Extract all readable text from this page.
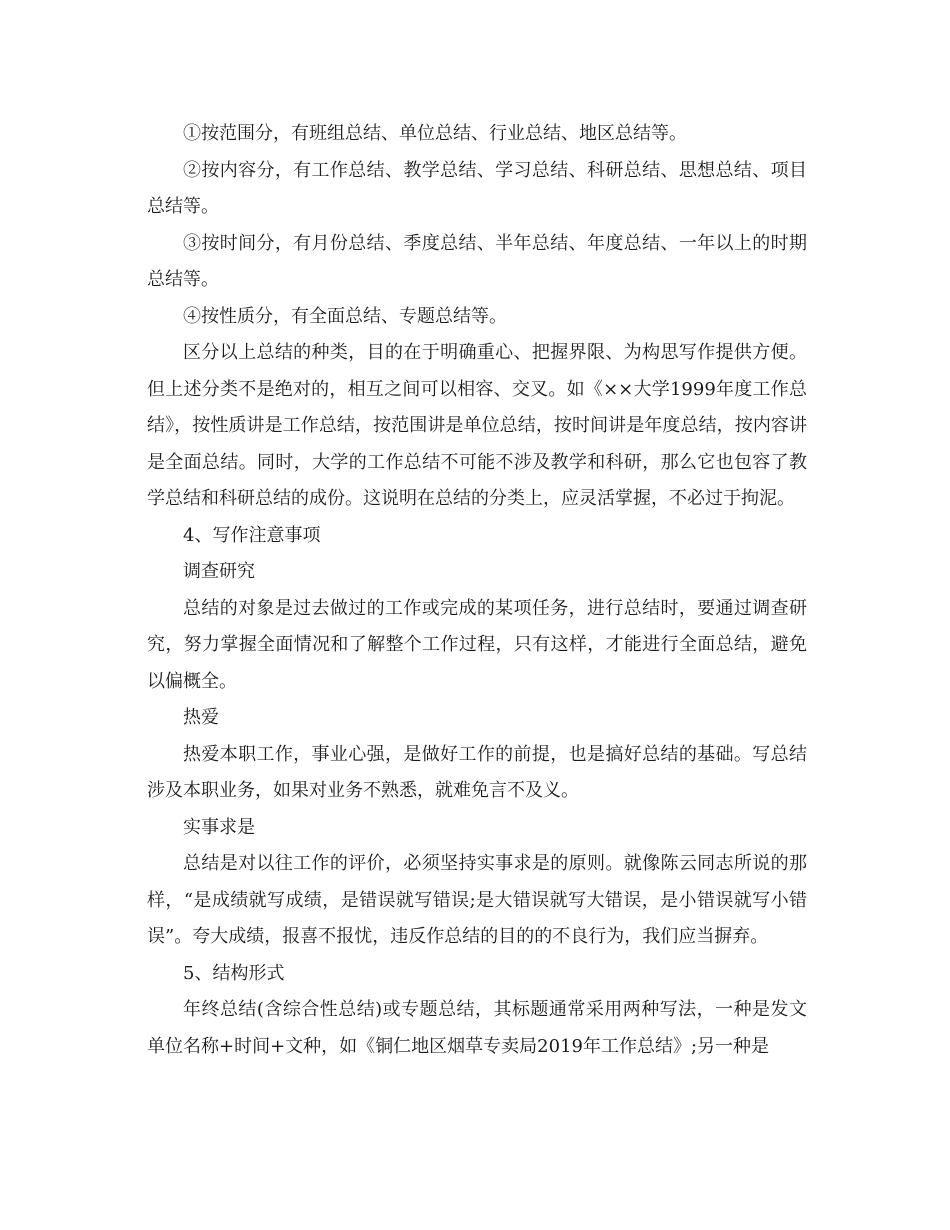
①按范围分，有班组总结、单位总结、行业总结、地区总结等。

②按内容分，有工作总结、教学总结、学习总结、科研总结、思想总结、项目总结等。

③按时间分，有月份总结、季度总结、半年总结、年度总结、一年以上的时期总结等。

④按性质分，有全面总结、专题总结等。

区分以上总结的种类，目的在于明确重心、把握界限、为构思写作提供方便。但上述分类不是绝对的，相互之间可以相容、交叉。如《××大学1999年度工作总结》，按性质讲是工作总结，按范围讲是单位总结，按时间讲是年度总结，按内容讲是全面总结。同时，大学的工作总结不可能不涉及教学和科研，那么它也包容了教学总结和科研总结的成份。这说明在总结的分类上，应灵活掌握，不必过于拘泥。

4、写作注意事项

调查研究

总结的对象是过去做过的工作或完成的某项任务，进行总结时，要通过调查研究，努力掌握全面情况和了解整个工作过程，只有这样，才能进行全面总结，避免以偏概全。

热爱

热爱本职工作，事业心强，是做好工作的前提，也是搞好总结的基础。写总结涉及本职业务，如果对业务不熟悉，就难免言不及义。

实事求是

总结是对以往工作的评价，必须坚持实事求是的原则。就像陈云同志所说的那样，“是成绩就写成绩，是错误就写错误;是大错误就写大错误，是小错误就写小错误”。夸大成绩，报喜不报忧，违反作总结的目的的不良行为，我们应当摒弃。

5、结构形式

年终总结(含综合性总结)或专题总结，其标题通常采用两种写法，一种是发文单位名称+时间+文种，如《铜仁地区烟草专卖局2019年工作总结》;另一种是
